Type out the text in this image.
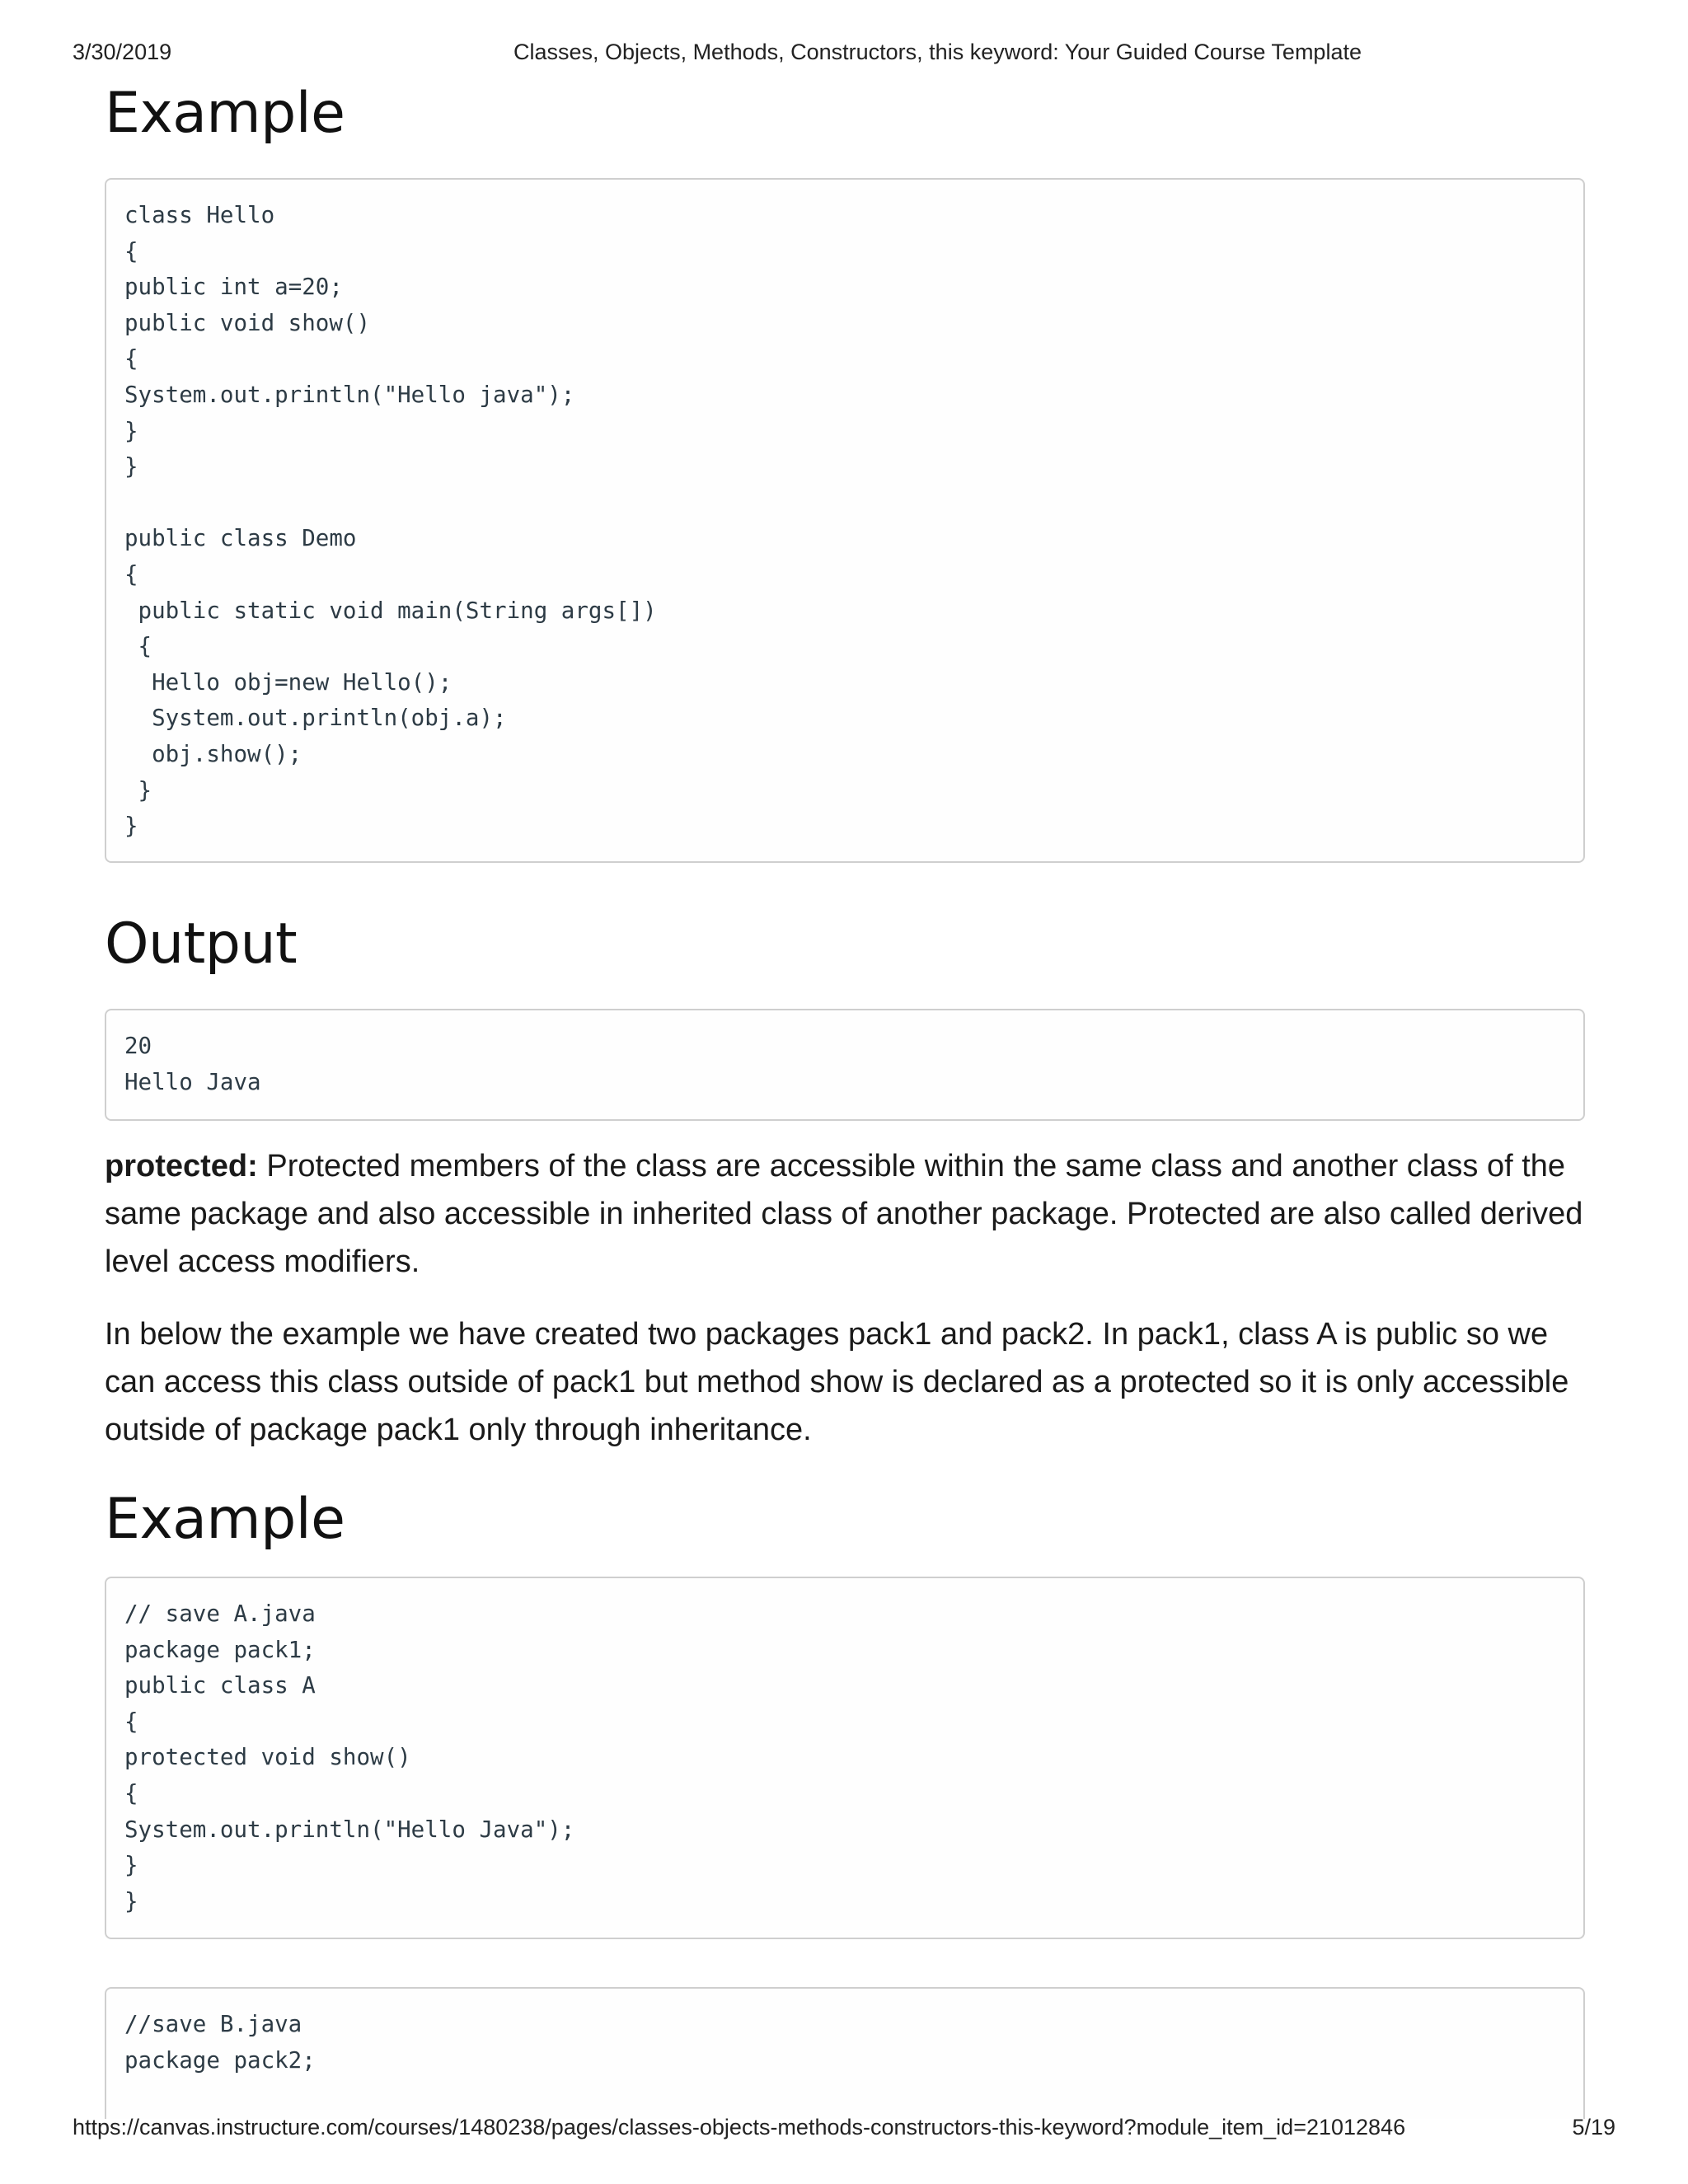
3/30/2019	Classes, Objects, Methods, Constructors, this keyword: Your Guided Course Template
Example
class Hello
{
public int a=20;
public void show()
{
System.out.println("Hello java");
}
}

public class Demo
{
public static void main(String args[])
{
Hello obj=new Hello();
System.out.println(obj.a);
obj.show();
}
}
Output
20
Hello Java

protected: Protected members of the class are accessible within the same class and another class of the same package and also accessible in inherited class of another package. Protected are also called derived level access modifiers.

In below the example we have created two packages pack1 and pack2. In pack1, class A is public so we can access this class outside of pack1 but method show is declared as a protected so it is only accessible outside of package pack1 only through inheritance.

Example
// save A.java
package pack1;
public class A
{
protected void show()
{
System.out.println("Hello Java");
}
}
//save B.java
package pack2;
https://canvas.instructure.com/courses/1480238/pages/classes-objects-methods-constructors-this-keyword?module_item_id=21012846	5/19
